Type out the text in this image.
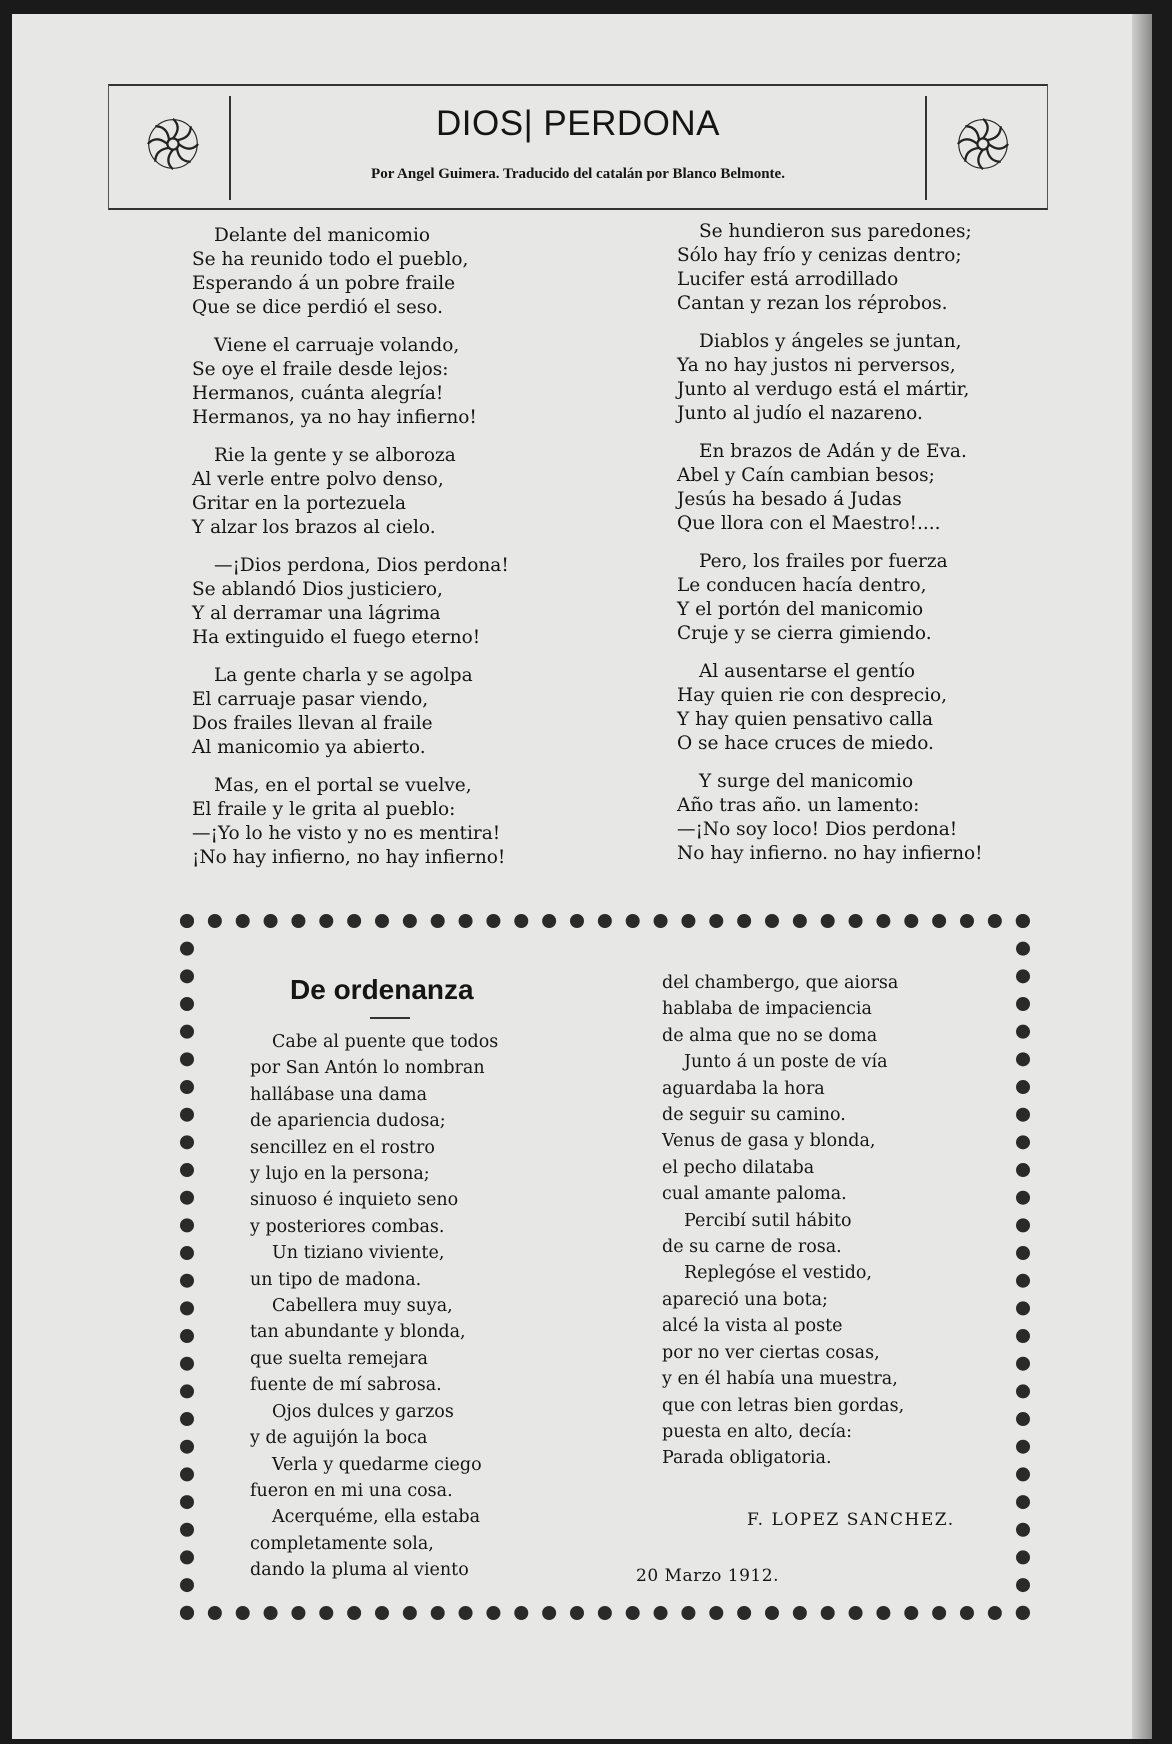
DIOS| PERDONA
Por Angel Guimera. Traducido del catalán por Blanco Belmonte.
Delante del manicomio
Se ha reunido todo el pueblo,
Esperando á un pobre fraile
Que se dice perdió el seso.
Viene el carruaje volando,
Se oye el fraile desde lejos:
Hermanos, cuánta alegría!
Hermanos, ya no hay infierno!
Rie la gente y se alboroza
Al verle entre polvo denso,
Gritar en la portezuela
Y alzar los brazos al cielo.
—¡Dios perdona, Dios perdona!
Se ablandó Dios justiciero,
Y al derramar una lágrima
Ha extinguido el fuego eterno!
La gente charla y se agolpa
El carruaje pasar viendo,
Dos frailes llevan al fraile
Al manicomio ya abierto.
Mas, en el portal se vuelve,
El fraile y le grita al pueblo:
—¡Yo lo he visto y no es mentira!
¡No hay infierno, no hay infierno!
Se hundieron sus paredones;
Sólo hay frío y cenizas dentro;
Lucifer está arrodillado
Cantan y rezan los réprobos.
Diablos y ángeles se juntan,
Ya no hay justos ni perversos,
Junto al verdugo está el mártir,
Junto al judío el nazareno.
En brazos de Adán y de Eva.
Abel y Caín cambian besos;
Jesús ha besado á Judas
Que llora con el Maestro!....
Pero, los frailes por fuerza
Le conducen hacía dentro,
Y el portón del manicomio
Cruje y se cierra gimiendo.
Al ausentarse el gentío
Hay quien rie con desprecio,
Y hay quien pensativo calla
O se hace cruces de miedo.
Y surge del manicomio
Año tras año. un lamento:
—¡No soy loco! Dios perdona!
No hay infierno. no hay infierno!
De ordenanza
Cabe al puente que todos
por San Antón lo nombran
hallábase una dama
de apariencia dudosa;
sencillez en el rostro
y lujo en la persona;
sinuoso é inquieto seno
y posteriores combas.
Un tiziano viviente,
un tipo de madona.
Cabellera muy suya,
tan abundante y blonda,
que suelta remejara
fuente de mí sabrosa.
Ojos dulces y garzos
y de aguijón la boca
Verla y quedarme ciego
fueron en mi una cosa.
Acerquéme, ella estaba
completamente sola,
dando la pluma al viento
del chambergo, que aiorsa
hablaba de impaciencia
de alma que no se doma
Junto á un poste de vía
aguardaba la hora
de seguir su camino.
Venus de gasa y blonda,
el pecho dilataba
cual amante paloma.
Percibí sutil hábito
de su carne de rosa.
Replegóse el vestido,
apareció una bota;
alcé la vista al poste
por no ver ciertas cosas,
y en él había una muestra,
que con letras bien gordas,
puesta en alto, decía:
Parada obligatoria.
F. LOPEZ SANCHEZ.
20 Marzo 1912.
